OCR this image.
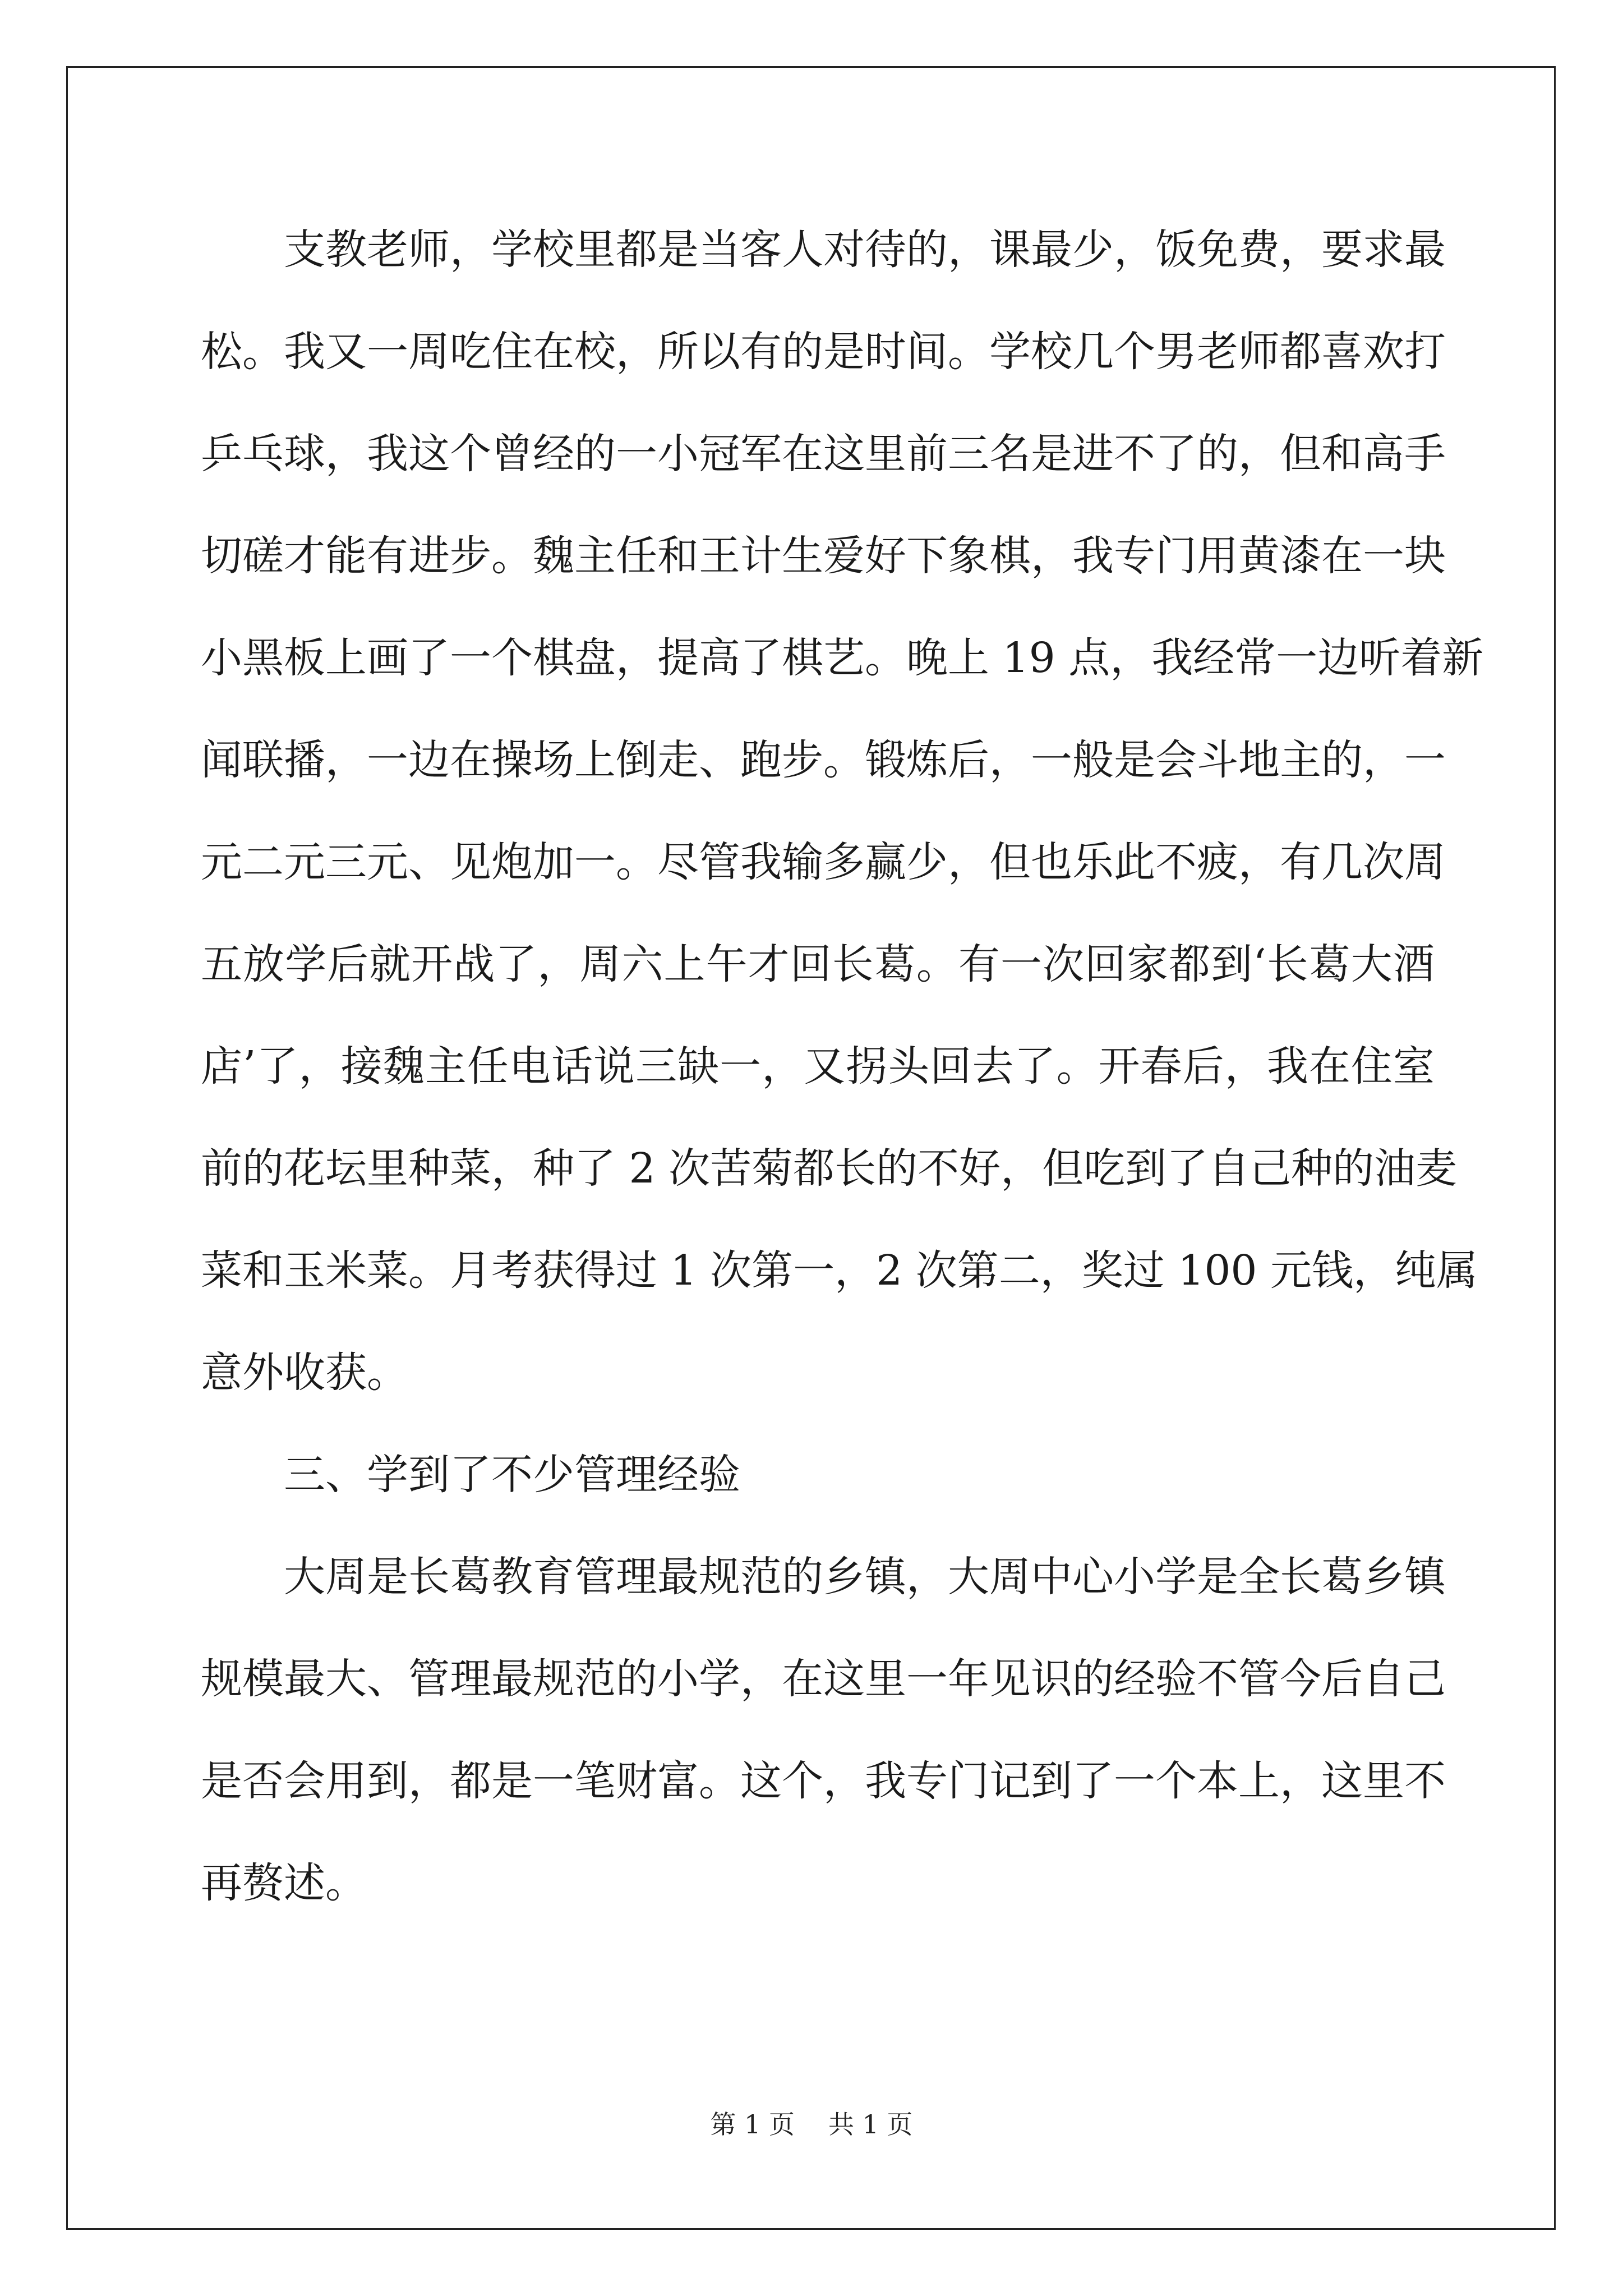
支教老师，学校里都是当客人对待的，课最少，饭免费，要求最
松。我又一周吃住在校，所以有的是时间。学校几个男老师都喜欢打
乒乓球，我这个曾经的一小冠军在这里前三名是进不了的，但和高手
切磋才能有进步。魏主任和王计生爱好下象棋，我专门用黄漆在一块
小黑板上画了一个棋盘，提高了棋艺。晚上 19 点，我经常一边听着新
闻联播，一边在操场上倒走、跑步。锻炼后，一般是会斗地主的，一
元二元三元、见炮加一。尽管我输多赢少，但也乐此不疲，有几次周
五放学后就开战了，周六上午才回长葛。有一次回家都到‘长葛大酒
店’了，接魏主任电话说三缺一，又拐头回去了。开春后，我在住室
前的花坛里种菜，种了 2 次苦菊都长的不好，但吃到了自己种的油麦
菜和玉米菜。月考获得过 1 次第一，2 次第二，奖过 100 元钱，纯属
意外收获。
三、学到了不少管理经验
大周是长葛教育管理最规范的乡镇，大周中心小学是全长葛乡镇
规模最大、管理最规范的小学，在这里一年见识的经验不管今后自己
是否会用到，都是一笔财富。这个，我专门记到了一个本上，这里不
再赘述。
第 1 页 共 1 页
